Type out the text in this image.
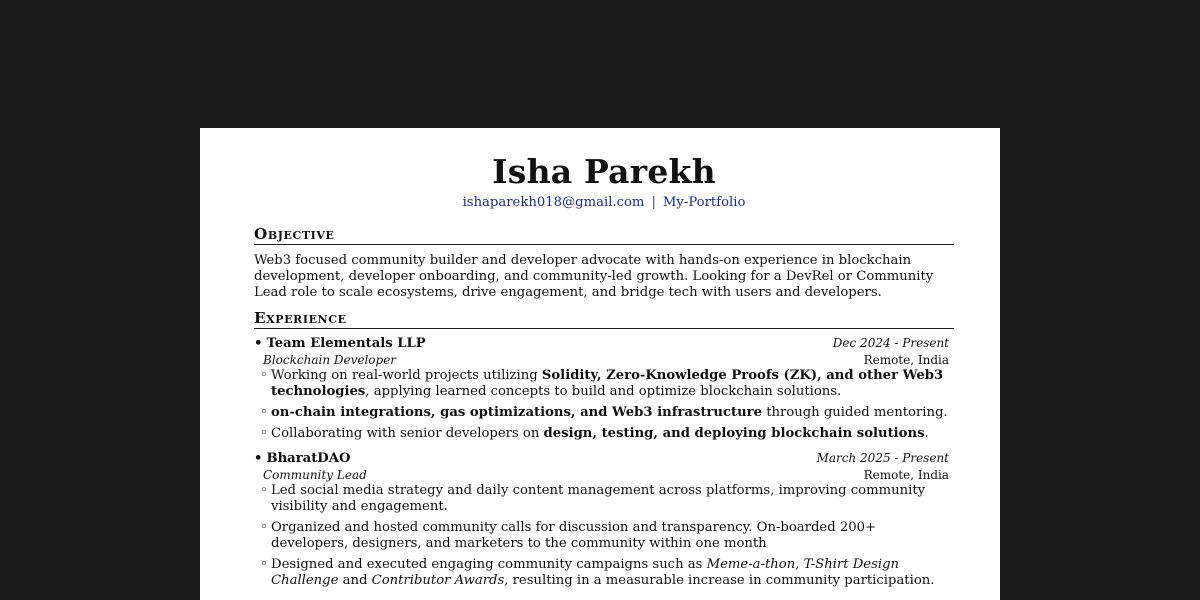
Isha Parekh
ishaparekh018@gmail.com | My-Portfolio
Objective
Web3 focused community builder and developer advocate with hands-on experience in blockchain development, developer onboarding, and community-led growth. Looking for a DevRel or Community Lead role to scale ecosystems, drive engagement, and bridge tech with users and developers.
Experience
• Team Elementals LLP	Dec 2024 - Present
Blockchain Developer	Remote, India
◦ Working on real-world projects utilizing Solidity, Zero-Knowledge Proofs (ZK), and other Web3 technologies, applying learned concepts to build and optimize blockchain solutions.
◦ on-chain integrations, gas optimizations, and Web3 infrastructure through guided mentoring.
◦ Collaborating with senior developers on design, testing, and deploying blockchain solutions.
• BharatDAO	March 2025 - Present
Community Lead	Remote, India
◦ Led social media strategy and daily content management across platforms, improving community visibility and engagement.
◦ Organized and hosted community calls for discussion and transparency. On-boarded 200+ developers, designers, and marketers to the community within one month
◦ Designed and executed engaging community campaigns such as Meme-a-thon, T-Shirt Design Challenge and Contributor Awards, resulting in a measurable increase in community participation.
